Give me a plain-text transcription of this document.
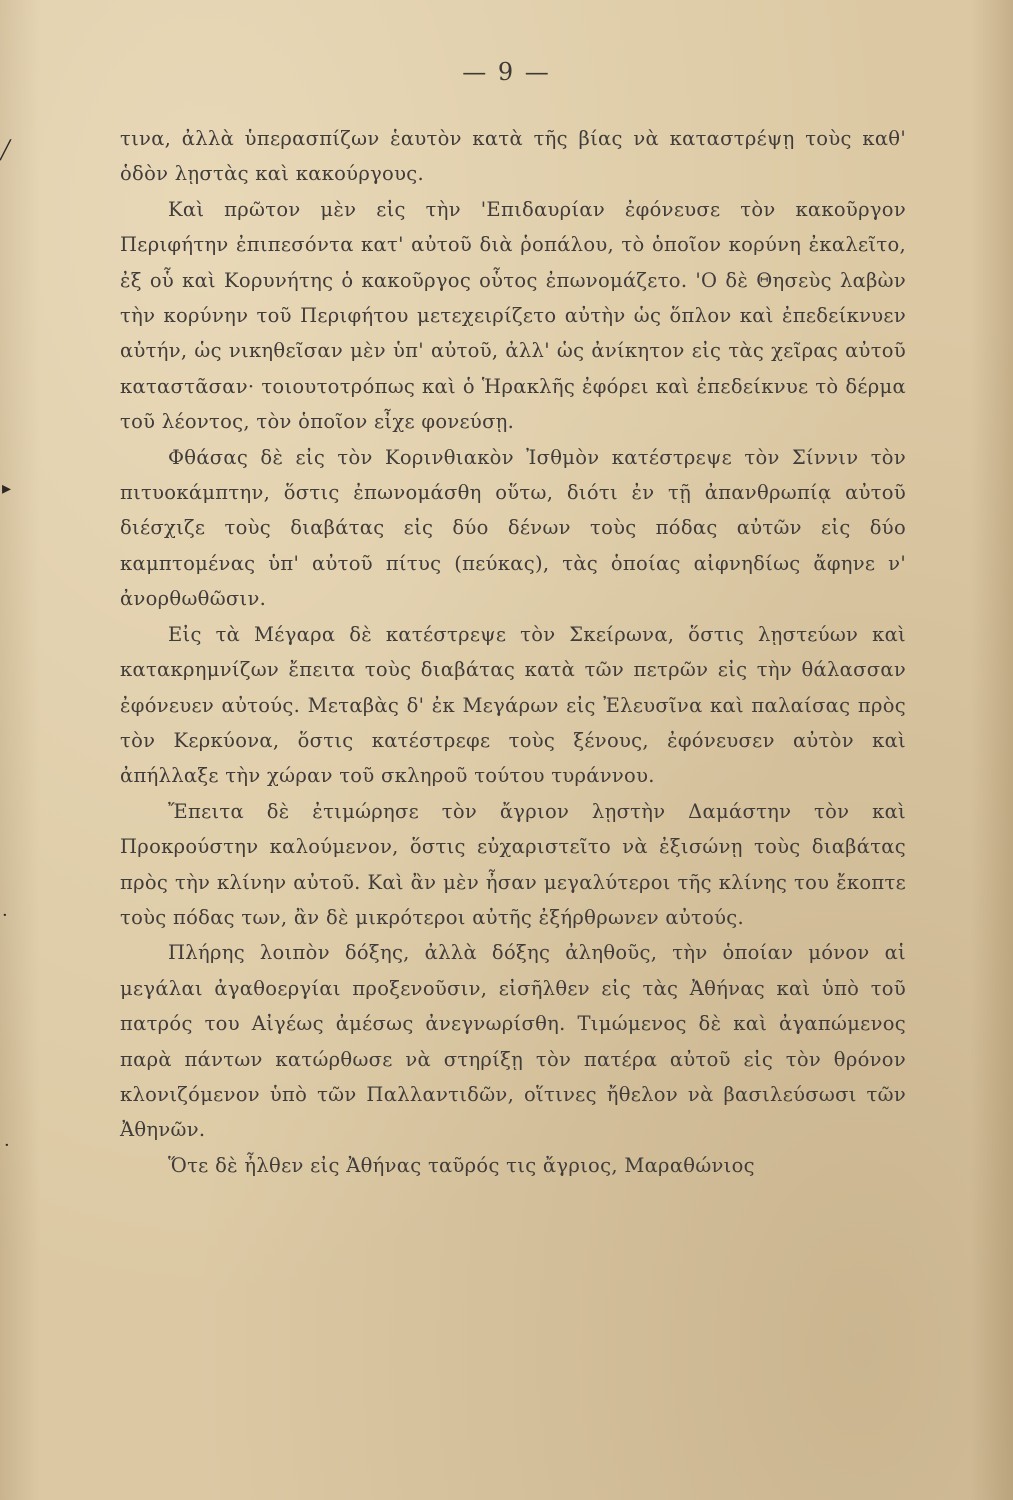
╱
▸
·
·
— 9 —

τινα, ἀλλὰ ὑπερασπίζων ἑαυτὸν κατὰ τῆς βίας νὰ καταστρέψῃ τοὺς καθ' ὁδὸν λῃστὰς καὶ κακούργους.

Καὶ πρῶτον μὲν εἰς τὴν 'Επιδαυρίαν ἐφόνευσε τὸν κακοῦργον Περιφήτην ἐπιπεσόντα κατ' αὐτοῦ διὰ ῥοπάλου, τὸ ὁποῖον κορύνη ἐκαλεῖτο, ἐξ οὗ καὶ Κορυνήτης ὁ κακοῦργος οὗτος ἐπωνομάζετο. 'Ο δὲ Θησεὺς λαβὼν τὴν κορύνην τοῦ Περιφήτου μετεχειρίζετο αὐτὴν ὡς ὅπλον καὶ ἐπεδείκνυεν αὐτήν, ὡς νικηθεῖσαν μὲν ὑπ' αὐτοῦ, ἀλλ' ὡς ἀνίκητον εἰς τὰς χεῖρας αὐτοῦ καταστᾶσαν· τοιουτοτρόπως καὶ ὁ Ἡρακλῆς ἐφόρει καὶ ἐπεδείκνυε τὸ δέρμα τοῦ λέοντος, τὸν ὁποῖον εἶχε φονεύσῃ.

Φθάσας δὲ εἰς τὸν Κορινθιακὸν Ἰσθμὸν κατέστρεψε τὸν Σίννιν τὸν πιτυοκάμπτην, ὅστις ἐπωνομάσθη οὕτω, διότι ἐν τῇ ἀπανθρωπίᾳ αὐτοῦ διέσχιζε τοὺς διαβάτας εἰς δύο δένων τοὺς πόδας αὐτῶν εἰς δύο καμπτομένας ὑπ' αὐτοῦ πίτυς (πεύκας), τὰς ὁποίας αἰφνηδίως ἄφηνε ν' ἀνορθωθῶσιν.

Εἰς τὰ Μέγαρα δὲ κατέστρεψε τὸν Σκείρωνα, ὅστις λῃστεύων καὶ κατακρημνίζων ἔπειτα τοὺς διαβάτας κατὰ τῶν πετρῶν εἰς τὴν θάλασσαν ἐφόνευεν αὐτούς. Μεταβὰς δ' ἐκ Μεγάρων εἰς Ἐλευσῖνα καὶ παλαίσας πρὸς τὸν Κερκύονα, ὅστις κατέστρεφε τοὺς ξένους, ἐφόνευσεν αὐτὸν καὶ ἀπήλλαξε τὴν χώραν τοῦ σκληροῦ τούτου τυράννου.

Ἔπειτα δὲ ἐτιμώρησε τὸν ἄγριον λῃστὴν Δαμάστην τὸν καὶ Προκρούστην καλούμενον, ὅστις εὐχαριστεῖτο νὰ ἐξισώνῃ τοὺς διαβάτας πρὸς τὴν κλίνην αὐτοῦ. Καὶ ἂν μὲν ἦσαν μεγαλύτεροι τῆς κλίνης του ἔκοπτε τοὺς πόδας των, ἂν δὲ μικρότεροι αὐτῆς ἐξήρθρωνεν αὐτούς.

Πλήρης λοιπὸν δόξης, ἀλλὰ δόξης ἀληθοῦς, τὴν ὁποίαν μόνον αἱ μεγάλαι ἀγαθοεργίαι προξενοῦσιν, εἰσῆλθεν εἰς τὰς Ἀθήνας καὶ ὑπὸ τοῦ πατρός του Αἰγέως ἀμέσως ἀνεγνωρίσθη. Τιμώμενος δὲ καὶ ἀγαπώμενος παρὰ πάντων κατώρθωσε νὰ στηρίξῃ τὸν πατέρα αὐτοῦ εἰς τὸν θρόνον κλονιζόμενον ὑπὸ τῶν Παλλαντιδῶν, οἵτινες ἤθελον νὰ βασιλεύσωσι τῶν Ἀθηνῶν.

Ὅτε δὲ ἦλθεν εἰς Ἀθήνας ταῦρός τις ἄγριος, Μαραθώνιος
